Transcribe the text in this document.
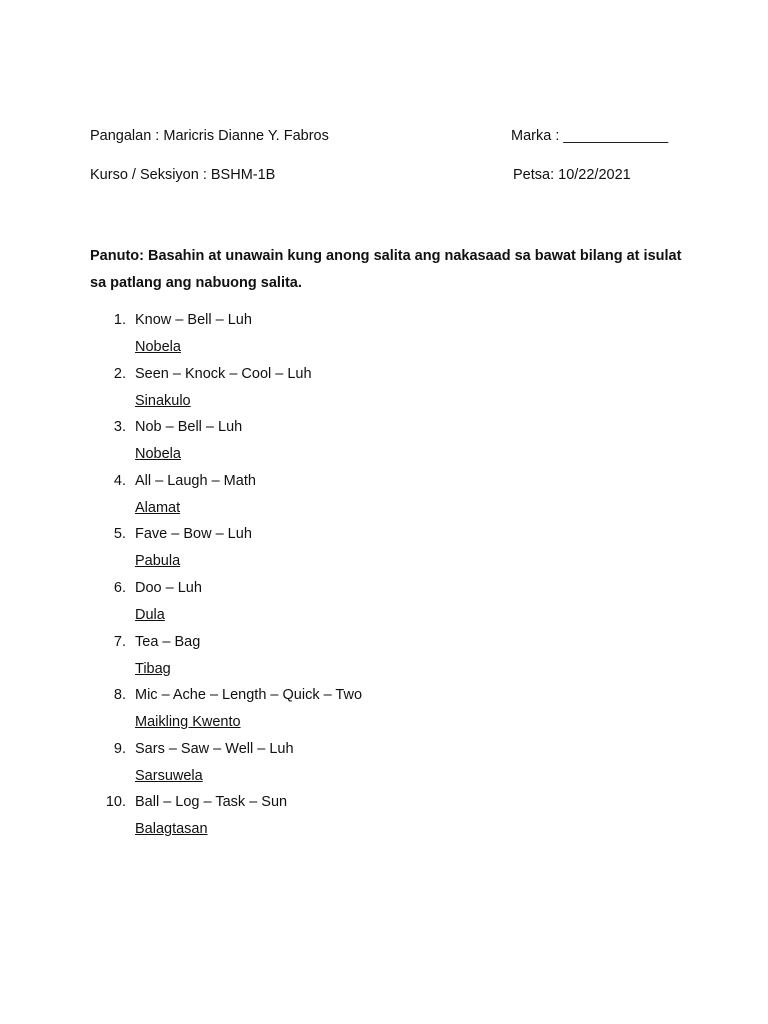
Pangalan : Maricris Dianne Y. Fabros	Marka : _____________
Kurso / Seksiyon : BSHM-1B	Petsa: 10/22/2021
Panuto: Basahin at unawain kung anong salita ang nakasaad sa bawat bilang at isulat sa patlang ang nabuong salita.
1. Know – Bell – Luh
Nobela
2. Seen – Knock – Cool – Luh
Sinakulo
3. Nob – Bell – Luh
Nobela
4. All – Laugh – Math
Alamat
5. Fave – Bow – Luh
Pabula
6. Doo – Luh
Dula
7. Tea – Bag
Tibag
8. Mic – Ache – Length – Quick – Two
Maikling Kwento
9. Sars – Saw – Well – Luh
Sarsuwela
10. Ball – Log – Task – Sun
Balagtasan
